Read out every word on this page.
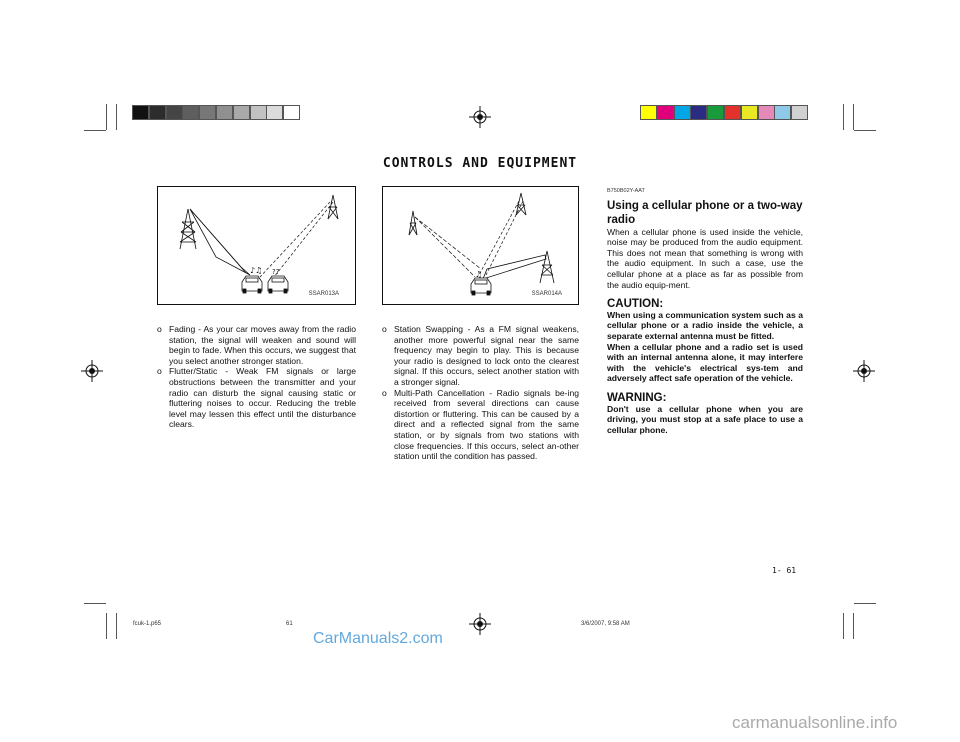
CONTROLS AND EQUIPMENT
♪♫ ??
SSAR013A
♫
SSAR014A
o Fading - As your car moves away from the radio station, the signal will weaken and sound will begin to fade. When this occurs, we suggest that you select another stronger station.
o Flutter/Static - Weak FM signals or large obstructions between the transmitter and your radio can disturb the signal causing static or fluttering noises to occur. Reducing the treble level may lessen this effect until the disturbance clears.
o Station Swapping - As a FM signal weakens, another more powerful signal near the same frequency may begin to play. This is because your radio is designed to lock onto the clearest signal. If this occurs, select another station with a stronger signal.
o Multi-Path Cancellation - Radio signals be-ing received from several directions can cause distortion or fluttering. This can be caused by a direct and a reflected signal from the same station, or by signals from two stations with close frequencies. If this occurs, select an-other station until the condition has passed.
B750B02Y-AAT
Using a cellular phone or a two-way radio
When a cellular phone is used inside the vehicle, noise may be produced from the audio equipment. This does not mean that something is wrong with the audio equipment. In such a case, use the cellular phone at a place as far as possible from the audio equip-ment.
CAUTION:
When using a communication system such as a cellular phone or a radio inside the vehicle, a separate external antenna must be fitted.
When a cellular phone and a radio set is used with an internal antenna alone, it may interfere with the vehicle's electrical sys-tem and adversely affect safe operation of the vehicle.
WARNING:
Don't use a cellular phone when you are driving, you must stop at a safe place to use a cellular phone.
1- 61
fcuk-1.p65	61	3/6/2007, 9:58 AM
CarManuals2.com
carmanualsonline.info
